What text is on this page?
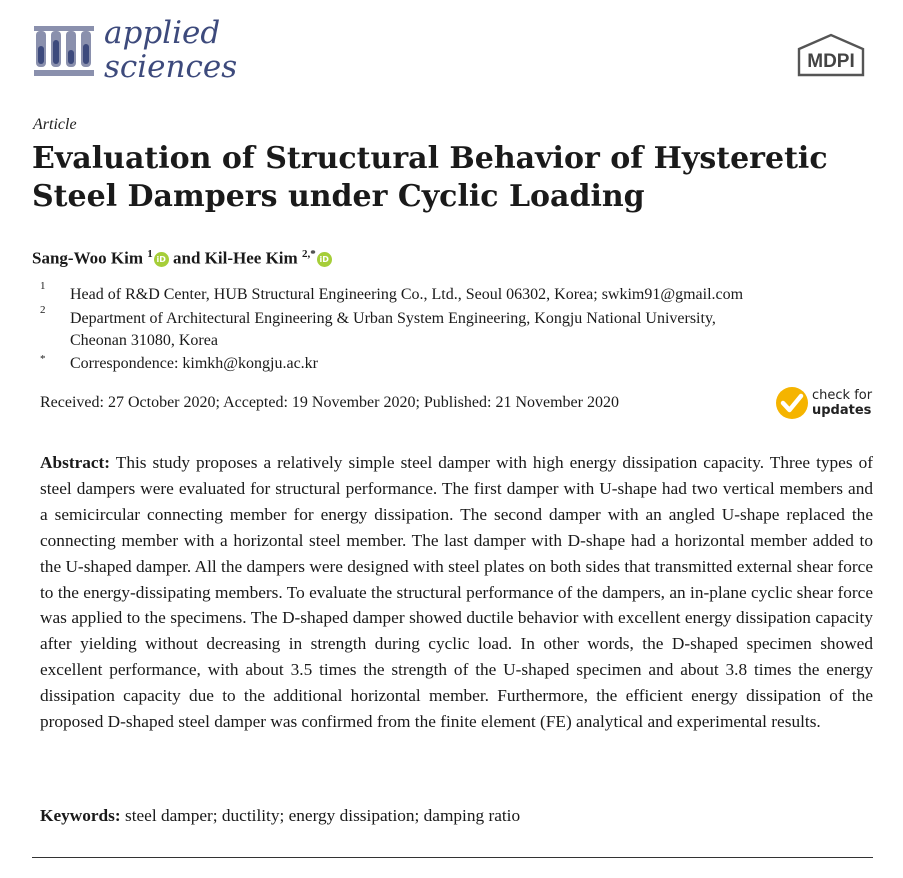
applied
sciences	MDPI
Article
Evaluation of Structural Behavior of Hysteretic Steel Dampers under Cyclic Loading
Sang-Woo Kim $^1$ iD and Kil-Hee Kim $^{2,*}$ iD
1 Head of R&D Center, HUB Structural Engineering Co., Ltd., Seoul 06302, Korea; swkim91@gmail.com
2 Department of Architectural Engineering & Urban System Engineering, Kongju National University,
Cheonan 31080, Korea
* Correspondence: kimkh@kongju.ac.kr
Received: 27 October 2020; Accepted: 19 November 2020; Published: 21 November 2020	check for
updates

Abstract: This study proposes a relatively simple steel damper with high energy dissipation capacity. Three types of steel dampers were evaluated for structural performance. The first damper with U-shape had two vertical members and a semicircular connecting member for energy dissipation. The second damper with an angled U-shape replaced the connecting member with a horizontal steel member. The last damper with D-shape had a horizontal member added to the U-shaped damper. All the dampers were designed with steel plates on both sides that transmitted external shear force to the energy-dissipating members. To evaluate the structural performance of the dampers, an in-plane cyclic shear force was applied to the specimens. The D-shaped damper showed ductile behavior with excellent energy dissipation capacity after yielding without decreasing in strength during cyclic load. In other words, the D-shaped specimen showed excellent performance, with about 3.5 times the strength of the U-shaped specimen and about 3.8 times the energy dissipation capacity due to the additional horizontal member. Furthermore, the efficient energy dissipation of the proposed D-shaped steel damper was confirmed from the finite element (FE) analytical and experimental results.

Keywords: steel damper; ductility; energy dissipation; damping ratio
